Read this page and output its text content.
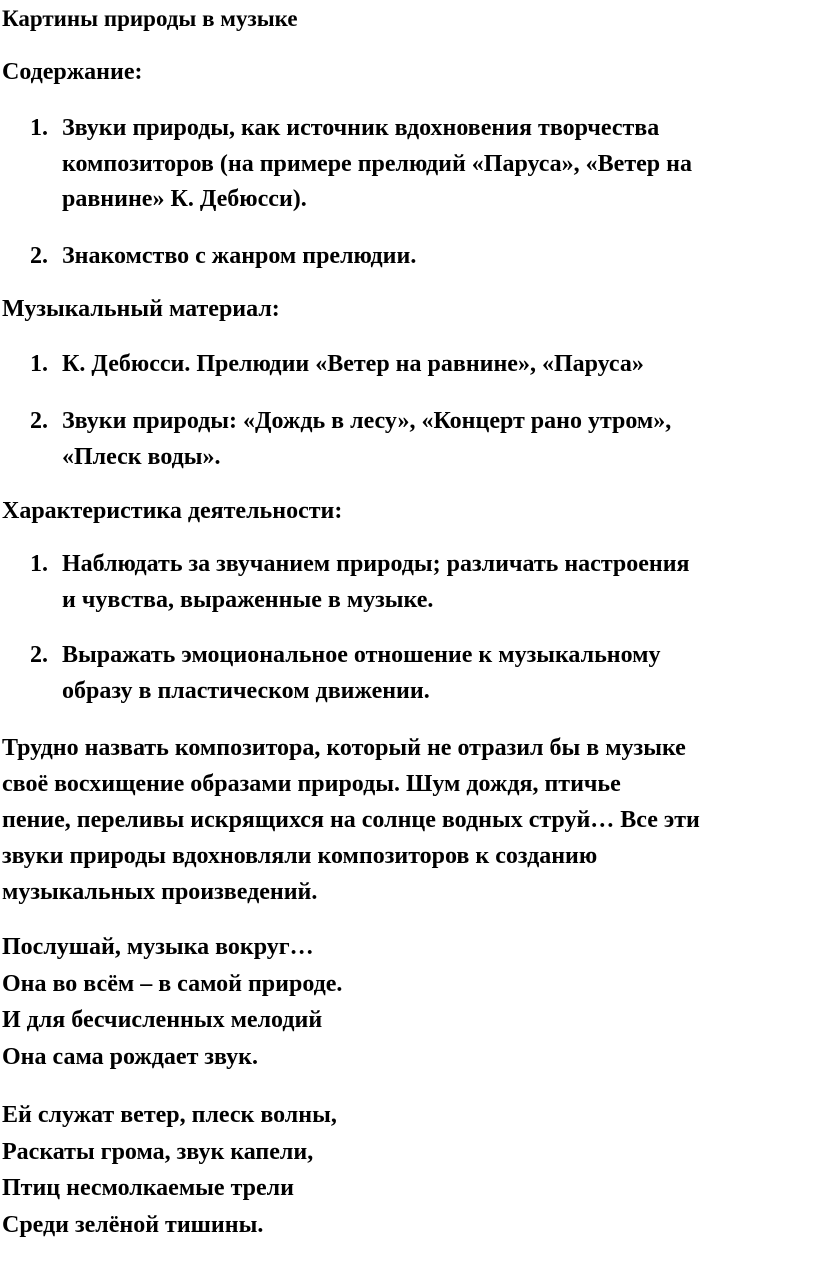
Картины природы в музыке
Содержание:
1. Звуки природы, как источник вдохновения творчества
композиторов (на примере прелюдий «Паруса», «Ветер на
равнине» К. Дебюсси).
2. Знакомство с жанром прелюдии.
Музыкальный материал:
1. К. Дебюсси. Прелюдии «Ветер на равнине», «Паруса»
2. Звуки природы: «Дождь в лесу», «Концерт рано утром»,
«Плеск воды».
Характеристика деятельности:
1. Наблюдать за звучанием природы; различать настроения
и чувства, выраженные в музыке.
2. Выражать эмоциональное отношение к музыкальному
образу в пластическом движении.
Трудно назвать композитора, который не отразил бы в музыке
своё восхищение образами природы. Шум дождя, птичье
пение, переливы искрящихся на солнце водных струй… Все эти
звуки природы вдохновляли композиторов к созданию
музыкальных произведений.
Послушай, музыка вокруг…
Она во всём – в самой природе.
И для бесчисленных мелодий
Она сама рождает звук.
Ей служат ветер, плеск волны,
Раскаты грома, звук капели,
Птиц несмолкаемые трели
Среди зелёной тишины.
